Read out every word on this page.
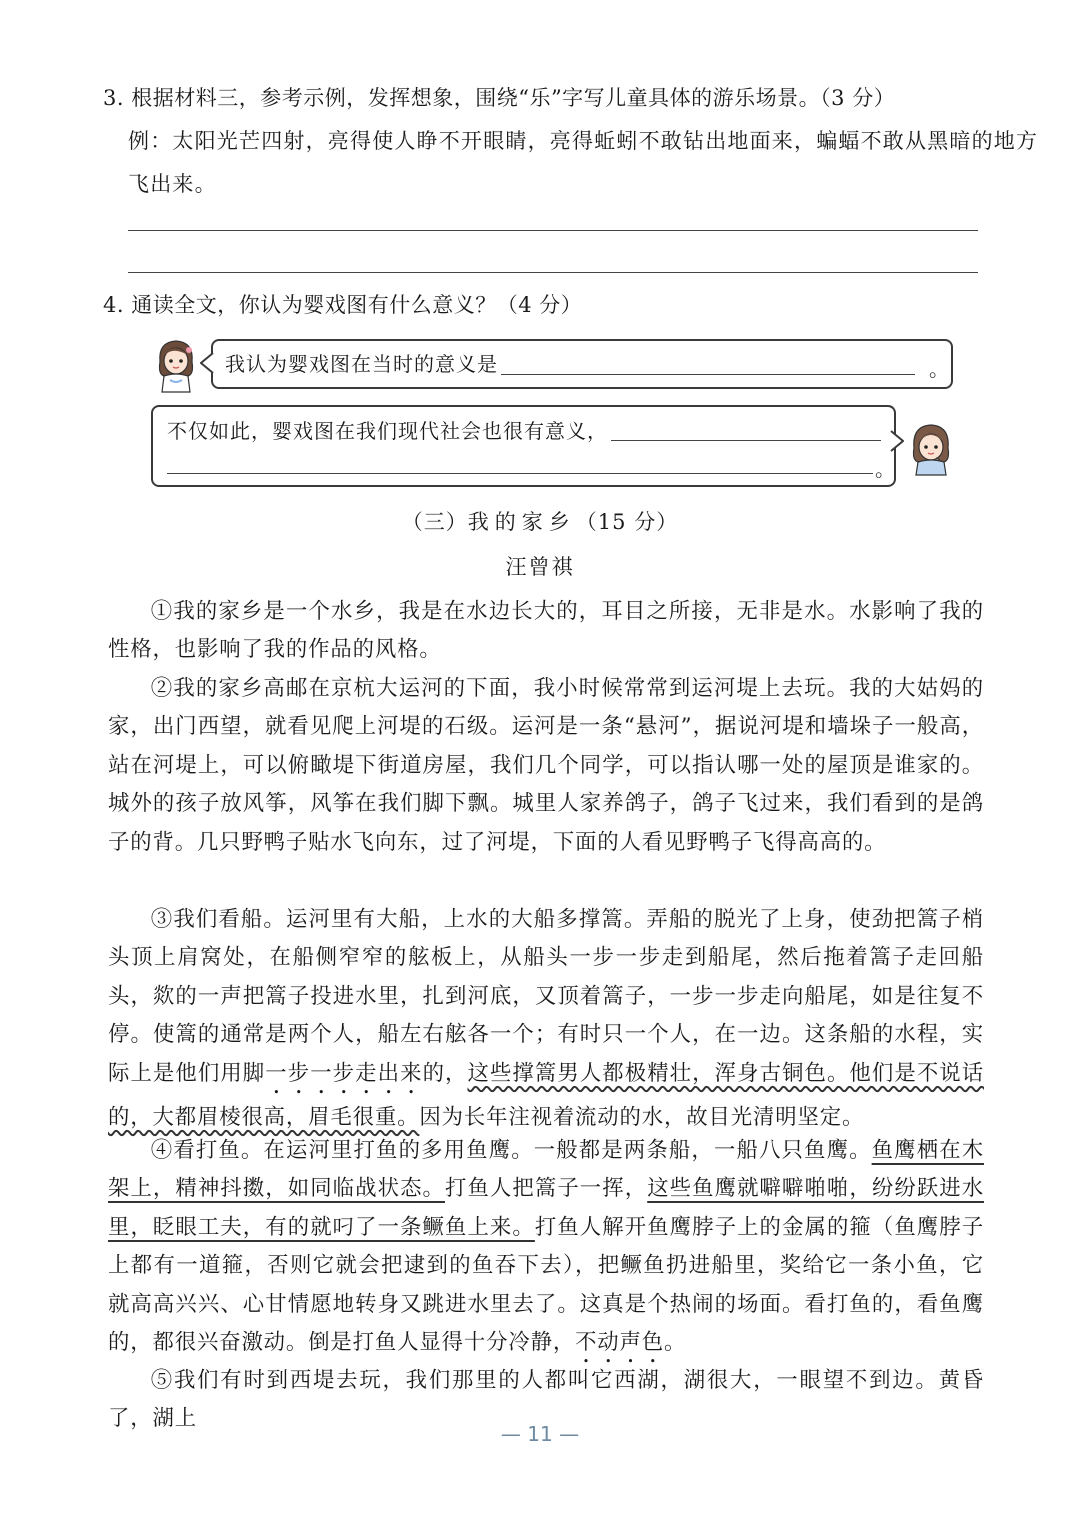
3. 根据材料三，参考示例，发挥想象，围绕“乐”字写儿童具体的游乐场景。（3 分）
例：太阳光芒四射，亮得使人睁不开眼睛，亮得蚯蚓不敢钻出地面来，蝙蝠不敢从黑暗的地方
飞出来。
4. 通读全文，你认为婴戏图有什么意义？（4 分）
我认为婴戏图在当时的意义是	。
不仅如此，婴戏图在我们现代社会也很有意义，
。
（三）我的家乡（15 分）
汪曾祺
①我的家乡是一个水乡，我是在水边长大的，耳目之所接，无非是水。水影响了我的性格，也影响了我的作品的风格。
②我的家乡高邮在京杭大运河的下面，我小时候常常到运河堤上去玩。我的大姑妈的家，出门西望，就看见爬上河堤的石级。运河是一条“悬河”，据说河堤和墙垛子一般高，站在河堤上，可以俯瞰堤下街道房屋，我们几个同学，可以指认哪一处的屋顶是谁家的。城外的孩子放风筝，风筝在我们脚下飘。城里人家养鸽子，鸽子飞过来，我们看到的是鸽子的背。几只野鸭子贴水飞向东，过了河堤，下面的人看见野鸭子飞得高高的。
③我们看船。运河里有大船，上水的大船多撑篙。弄船的脱光了上身，使劲把篙子梢头顶上肩窝处，在船侧窄窄的舷板上，从船头一步一步走到船尾，然后拖着篙子走回船头，欻的一声把篙子投进水里，扎到河底，又顶着篙子，一步一步走向船尾，如是往复不停。使篙的通常是两个人，船左右舷各一个；有时只一个人，在一边。这条船的水程，实际上是他们用脚一步一步走出来的，这些撑篙男人都极精壮，浑身古铜色。他们是不说话的，大都眉棱很高，眉毛很重。因为长年注视着流动的水，故目光清明坚定。
④看打鱼。在运河里打鱼的多用鱼鹰。一般都是两条船，一船八只鱼鹰。鱼鹰栖在木架上，精神抖擞，如同临战状态。打鱼人把篙子一挥，这些鱼鹰就噼噼啪啪，纷纷跃进水里，眨眼工夫，有的就叼了一条鳜鱼上来。打鱼人解开鱼鹰脖子上的金属的箍（鱼鹰脖子上都有一道箍，否则它就会把逮到的鱼吞下去），把鳜鱼扔进船里，奖给它一条小鱼，它就高高兴兴、心甘情愿地转身又跳进水里去了。这真是个热闹的场面。看打鱼的，看鱼鹰的，都很兴奋激动。倒是打鱼人显得十分冷静，不动声色。
⑤我们有时到西堤去玩，我们那里的人都叫它西湖，湖很大，一眼望不到边。黄昏了，湖上
— 11 —
